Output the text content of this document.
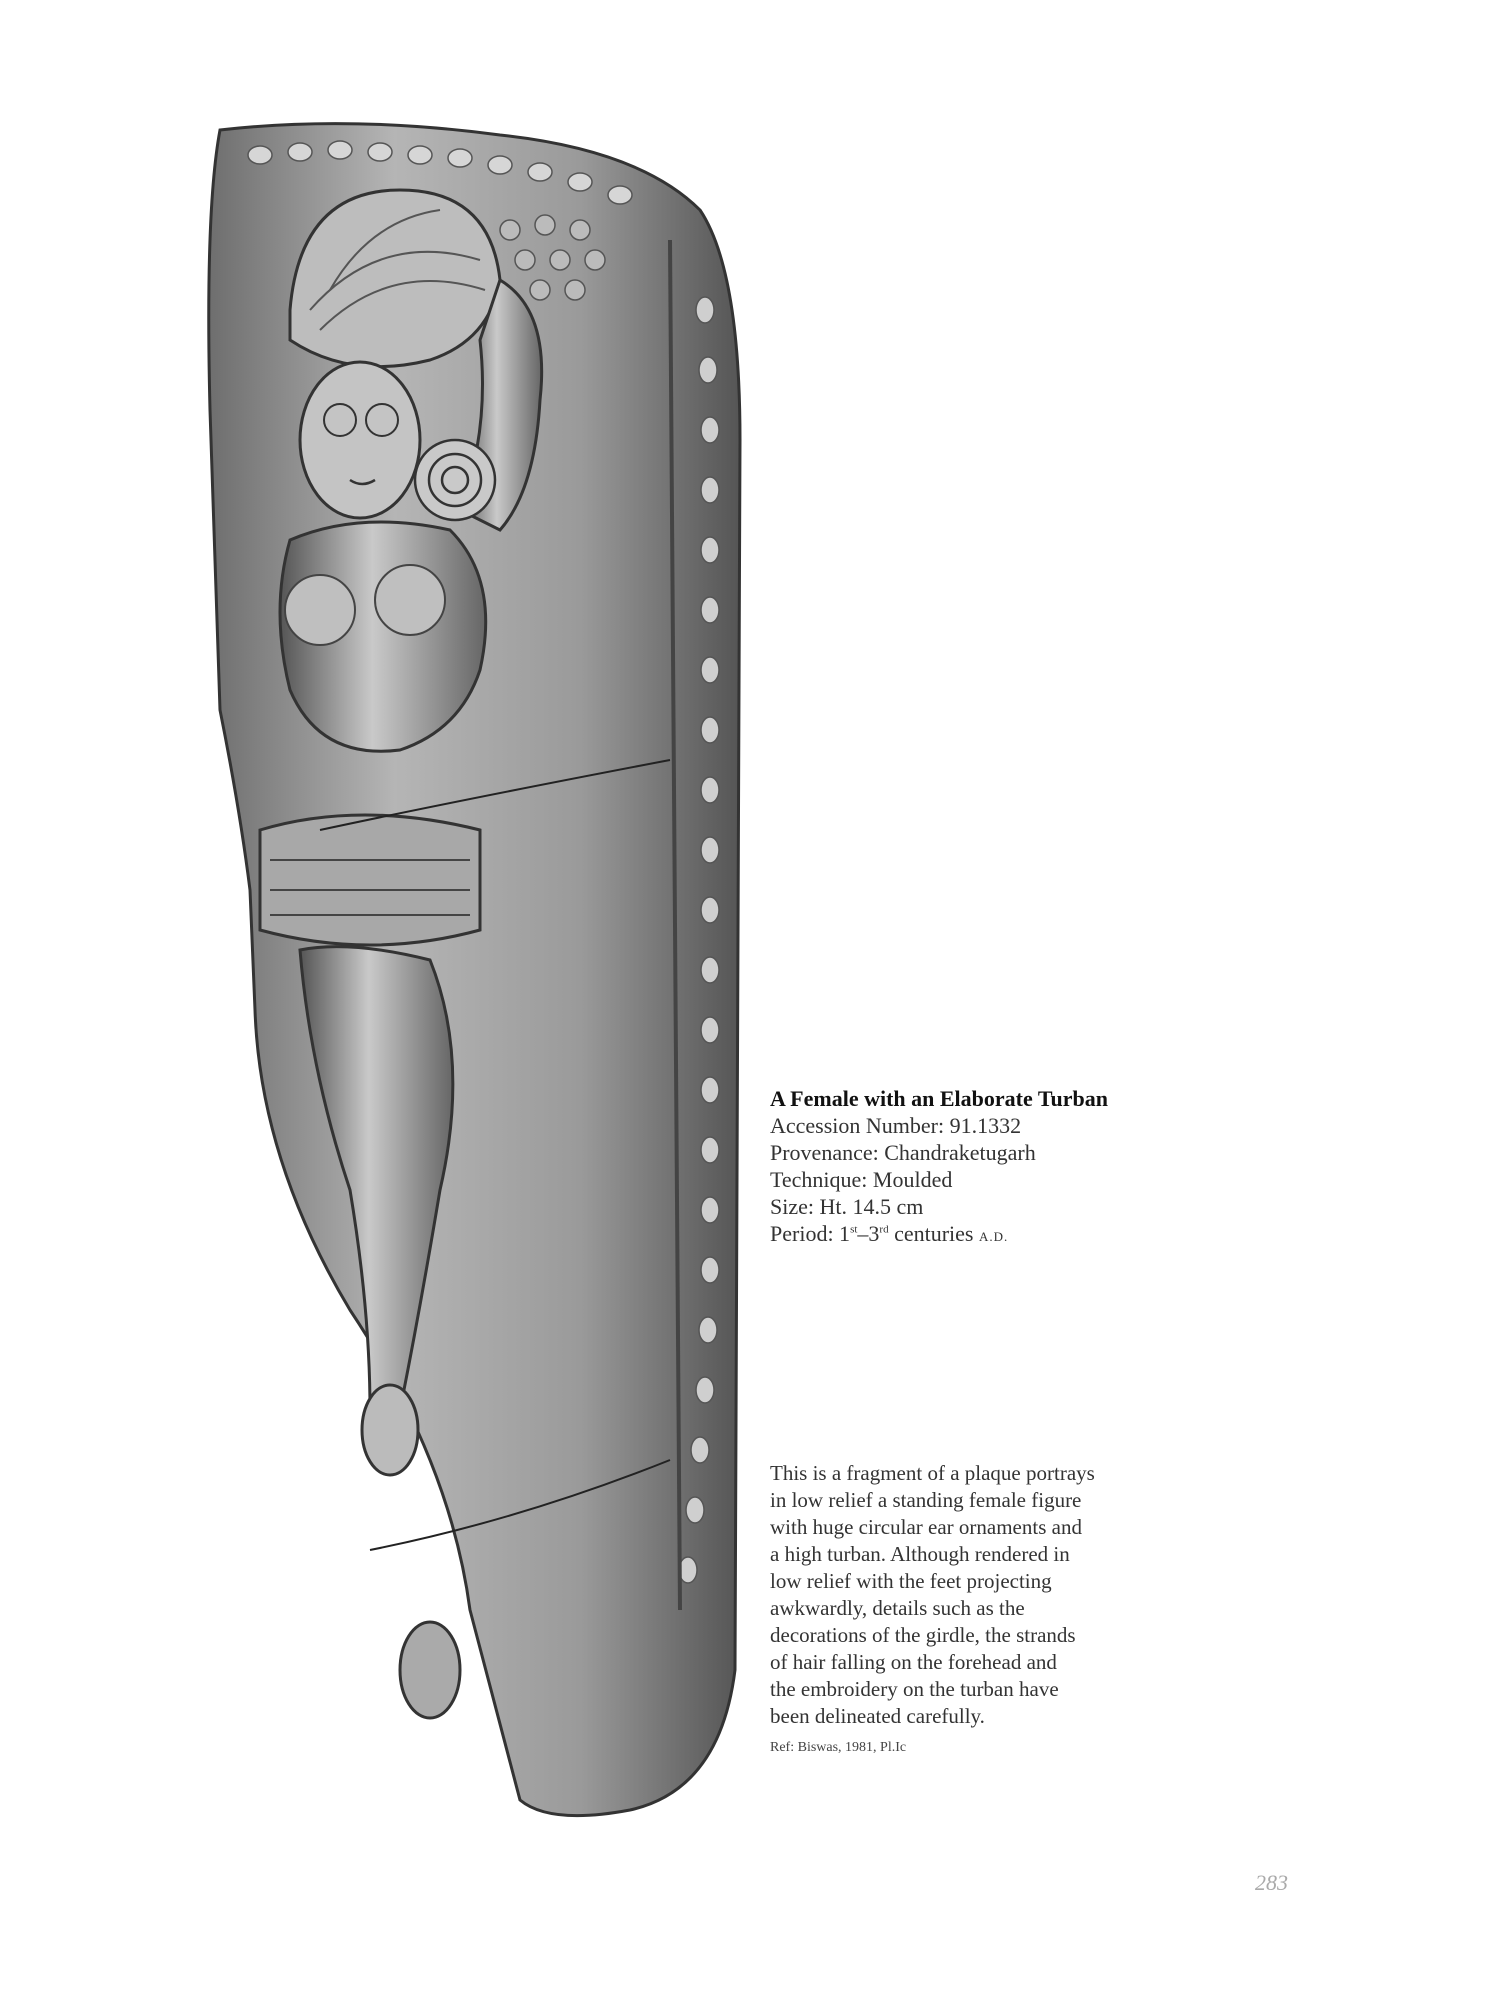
A Female with an Elaborate Turban
Accession Number: 91.1332
Provenance: Chandraketugarh
Technique: Moulded
Size: Ht. 14.5 cm
Period: 1st–3rd centuries A.D.
This is a fragment of a plaque portrays
in low relief a standing female figure
with huge circular ear ornaments and
a high turban. Although rendered in
low relief with the feet projecting
awkwardly, details such as the
decorations of the girdle, the strands
of hair falling on the forehead and
the embroidery on the turban have
been delineated carefully.
Ref: Biswas, 1981, Pl.Ic
283
